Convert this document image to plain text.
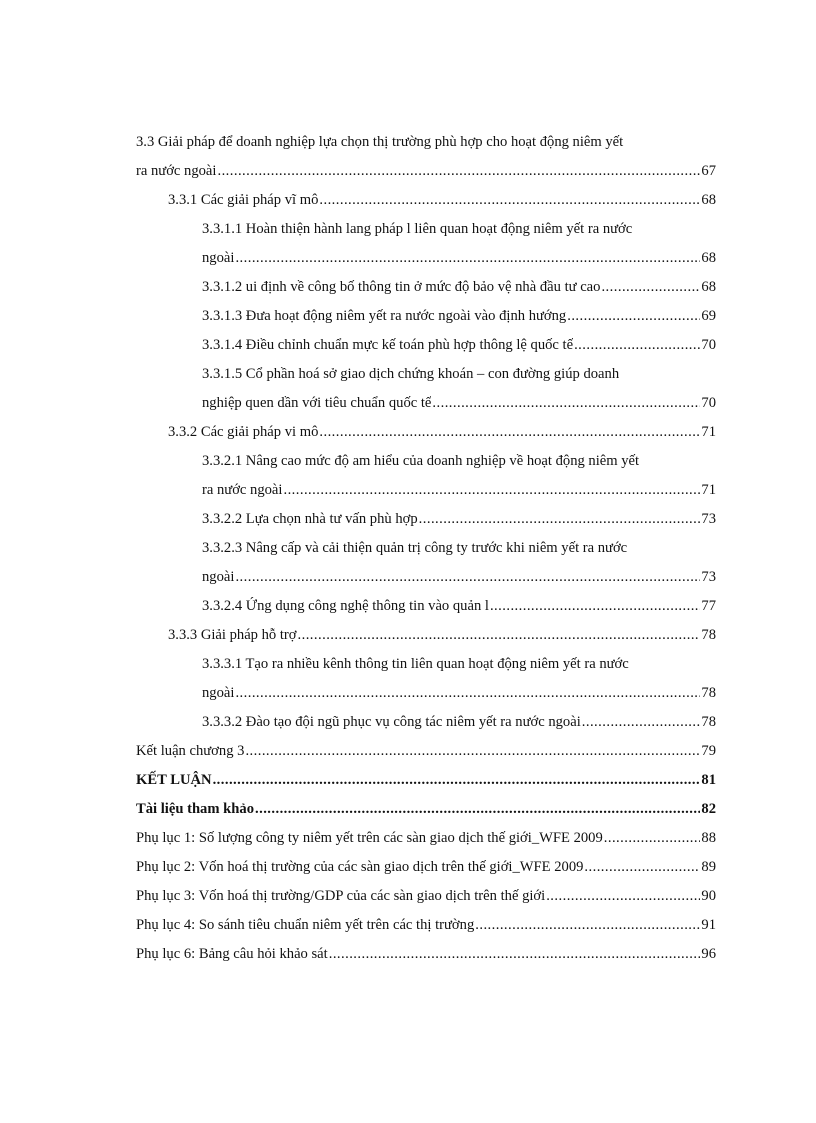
3.3 Giải pháp để doanh nghiệp lựa chọn thị trường phù hợp cho hoạt động niêm yết
ra nước ngoài . . .	67
3.3.1 Các giải pháp vĩ mô . . .	68
3.3.1.1 Hoàn thiện hành lang pháp l liên quan hoạt động niêm yết ra nước
ngoài . . .	68
3.3.1.2 ui định về công bố thông tin ở mức độ bảo vệ nhà đầu tư cao . . .	68
3.3.1.3 Đưa hoạt động niêm yết ra nước ngoài vào định hướng . . .	69
3.3.1.4 Điều chỉnh chuẩn mực kế toán phù hợp thông lệ quốc tế . . .	70
3.3.1.5 Cổ phần hoá sở giao dịch chứng khoán – con đường giúp doanh
nghiệp quen dần với tiêu chuẩn quốc tế . . .	70
3.3.2 Các giải pháp vi mô . . .	71
3.3.2.1 Nâng cao mức độ am hiểu của doanh nghiệp về hoạt động niêm yết
ra nước ngoài . . .	71
3.3.2.2 Lựa chọn nhà tư vấn phù hợp . . .	73
3.3.2.3 Nâng cấp và cải thiện quản trị công ty trước khi niêm yết ra nước
ngoài . . .	73
3.3.2.4 Ứng dụng công nghệ thông tin vào quản l . . .	77
3.3.3 Giải pháp hỗ trợ . . .	78
3.3.3.1 Tạo ra nhiều kênh thông tin liên quan hoạt động niêm yết ra nước
ngoài . . .	78
3.3.3.2 Đào tạo đội ngũ phục vụ công tác niêm yết ra nước ngoài . . .	78
Kết luận chương 3 . . .	79
KẾT LUẬN . . .	81
Tài liệu tham khảo . . .	82
Phụ lục 1: Số lượng công ty niêm yết trên các sàn giao dịch thế giới_WFE 2009 . . .	88
Phụ lục 2: Vốn hoá thị trường của các sàn giao dịch trên thế giới_WFE 2009 . . .	89
Phụ lục 3: Vốn hoá thị trường/GDP của các sàn giao dịch trên thế giới . . .	90
Phụ lục 4: So sánh tiêu chuẩn niêm yết trên các thị trường . . .	91
Phụ lục 6: Bảng câu hỏi khảo sát . . .	96
